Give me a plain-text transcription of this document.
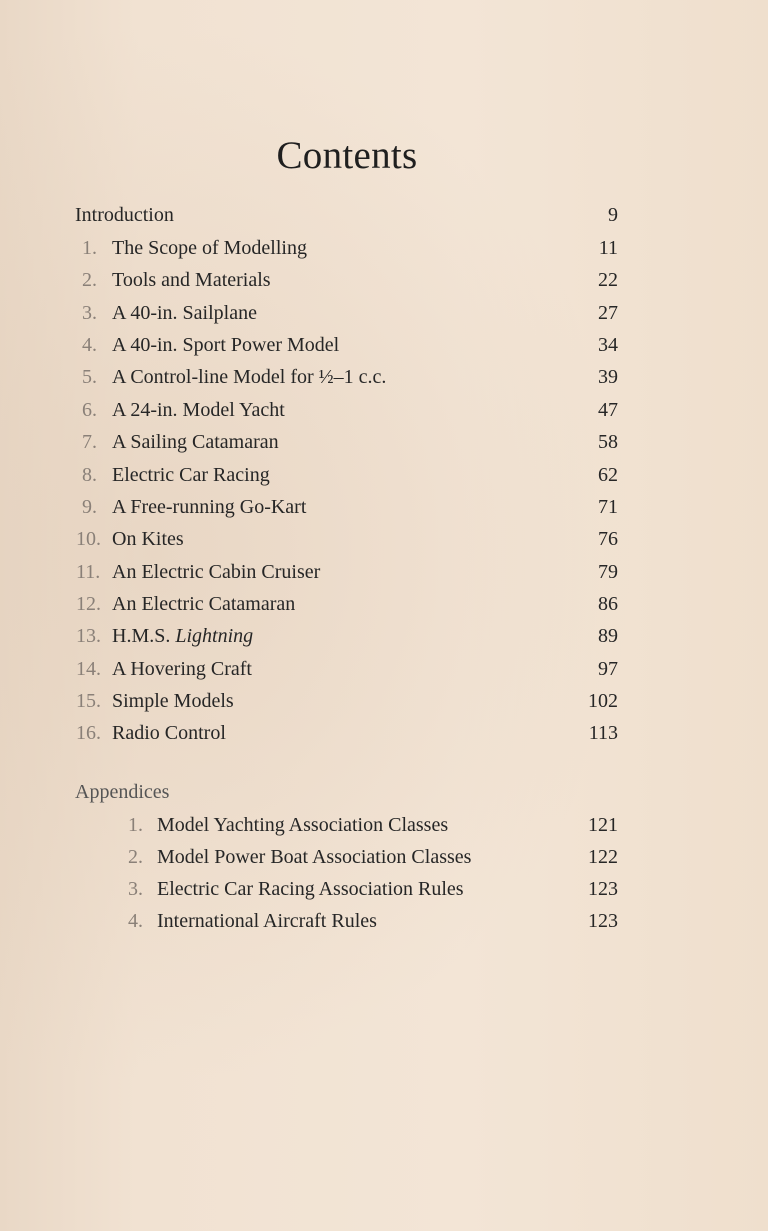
Contents
Introduction	9
1. The Scope of Modelling	11
2. Tools and Materials	22
3. A 40-in. Sailplane	27
4. A 40-in. Sport Power Model	34
5. A Control-line Model for ½–1 c.c.	39
6. A 24-in. Model Yacht	47
7. A Sailing Catamaran	58
8. Electric Car Racing	62
9. A Free-running Go-Kart	71
10. On Kites	76
11. An Electric Cabin Cruiser	79
12. An Electric Catamaran	86
13. H.M.S. Lightning	89
14. A Hovering Craft	97
15. Simple Models	102
16. Radio Control	113
Appendices
1. Model Yachting Association Classes	121
2. Model Power Boat Association Classes	122
3. Electric Car Racing Association Rules	123
4. International Aircraft Rules	123
